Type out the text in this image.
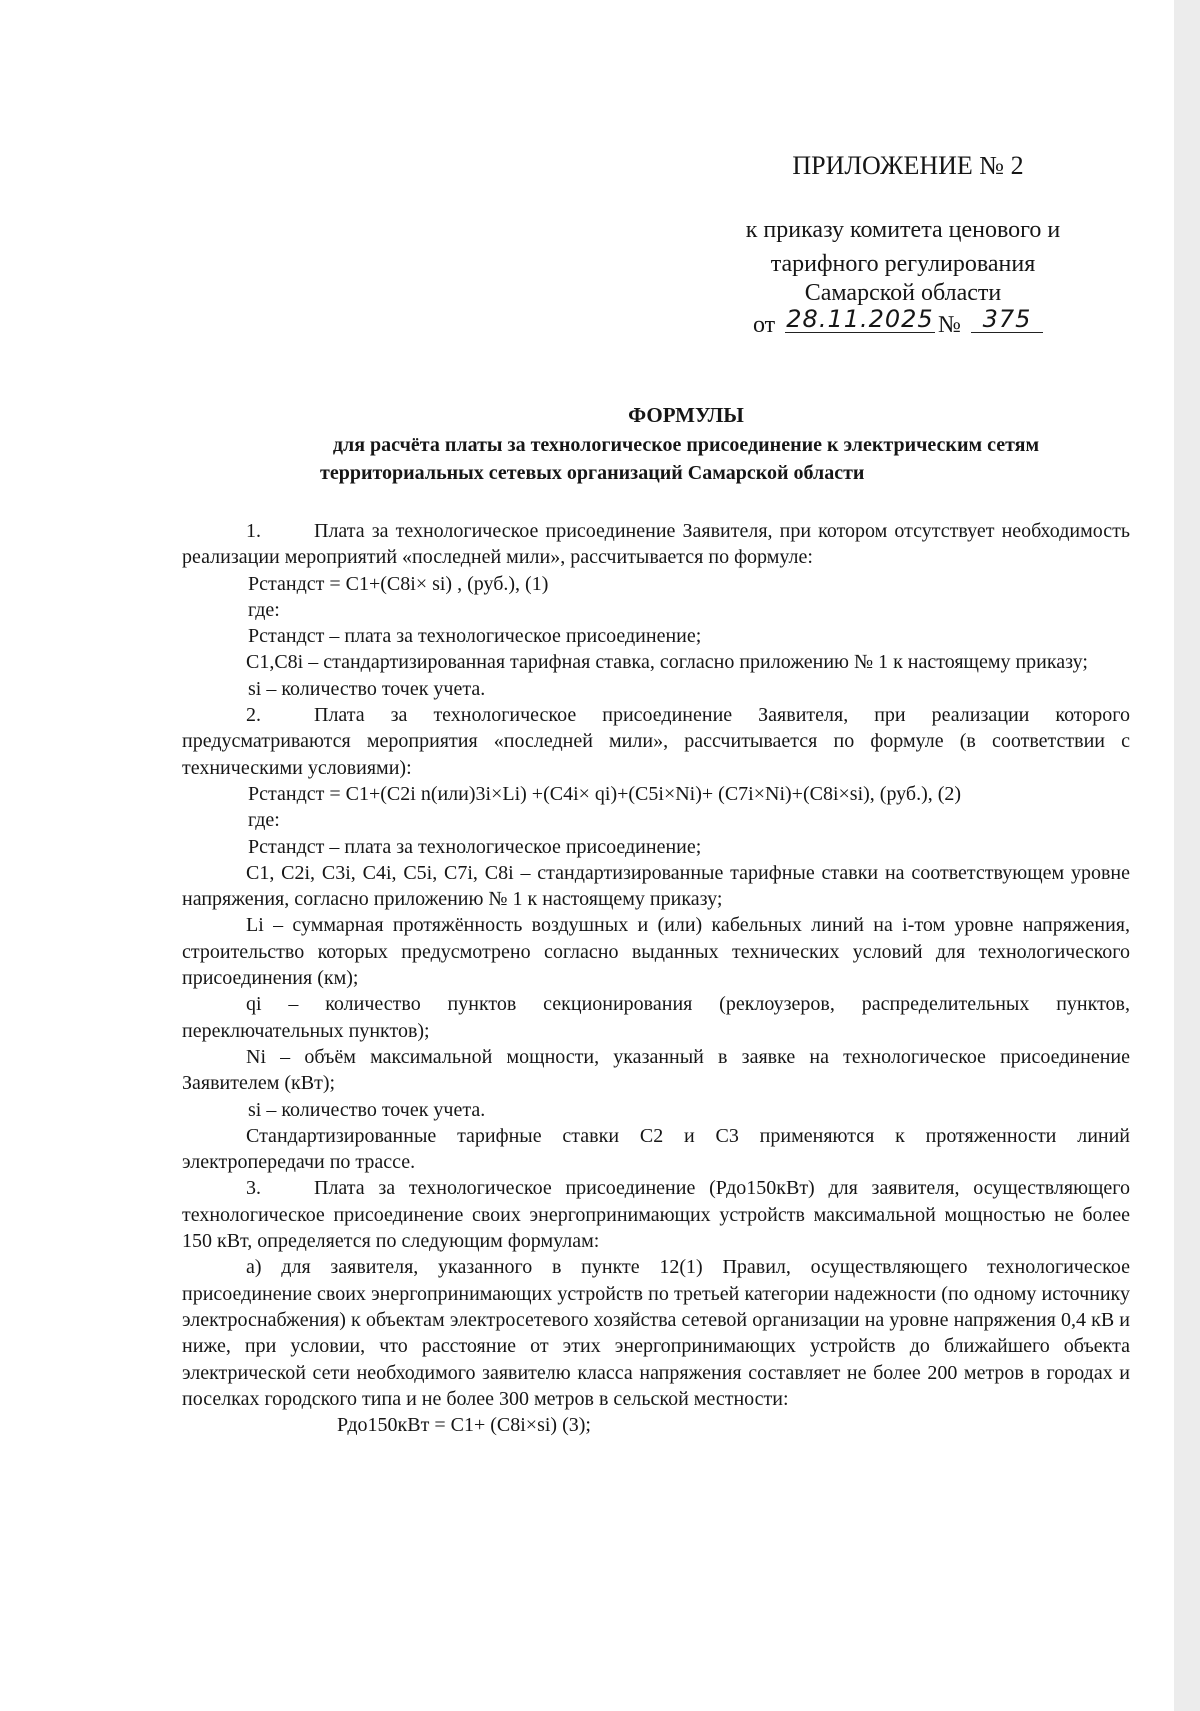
ПРИЛОЖЕНИЕ № 2
к приказу комитета ценового и
тарифного регулирования
Самарской области
от 28.11.2025 № 375
ФОРМУЛЫ
для расчёта платы за технологическое присоединение к электрическим сетям
территориальных сетевых организаций Самарской области

1.	Плата за технологическое присоединение Заявителя, при котором отсутствует необходимость реализации мероприятий «последней мили», рассчитывается по формуле:

Рстандст = С1+(С8i× si) , (руб.), (1)

где:

Рстандст – плата за технологическое присоединение;

С1,С8i – стандартизированная тарифная ставка, согласно приложению № 1 к настоящему приказу;

si – количество точек учета.

2.	Плата за технологическое присоединение Заявителя, при реализации которого предусматриваются мероприятия «последней мили», рассчитывается по формуле (в соответствии с техническими условиями):

Рстандст = С1+(С2i n(или)3i×Li) +(С4i× qi)+(С5i×Ni)+ (С7i×Ni)+(С8i×si), (руб.), (2)

где:

Рстандст – плата за технологическое присоединение;

С1, С2i, С3i, С4i, С5i, С7i, С8i – стандартизированные тарифные ставки на соответствующем уровне напряжения, согласно приложению № 1 к настоящему приказу;

Li – суммарная протяжённость воздушных и (или) кабельных линий на i-том уровне напряжения, строительство которых предусмотрено согласно выданных технических условий для технологического присоединения (км);

qi – количество пунктов секционирования (реклоузеров, распределительных пунктов, переключательных пунктов);

Ni – объём максимальной мощности, указанный в заявке на технологическое присоединение Заявителем (кВт);

si – количество точек учета.

Стандартизированные тарифные ставки С2 и С3 применяются к протяженности линий электропередачи по трассе.

3.	Плата за технологическое присоединение (Рдо150кВт) для заявителя, осуществляющего технологическое присоединение своих энергопринимающих устройств максимальной мощностью не более 150 кВт, определяется по следующим формулам:

а) для заявителя, указанного в пункте 12(1) Правил, осуществляющего технологическое присоединение своих энергопринимающих устройств по третьей категории надежности (по одному источнику электроснабжения) к объектам электросетевого хозяйства сетевой организации на уровне напряжения 0,4 кВ и ниже, при условии, что расстояние от этих энергопринимающих устройств до ближайшего объекта электрической сети необходимого заявителю класса напряжения составляет не более 200 метров в городах и поселках городского типа и не более 300 метров в сельской местности:

Рдо150кВт = С1+ (С8i×si) (3);
